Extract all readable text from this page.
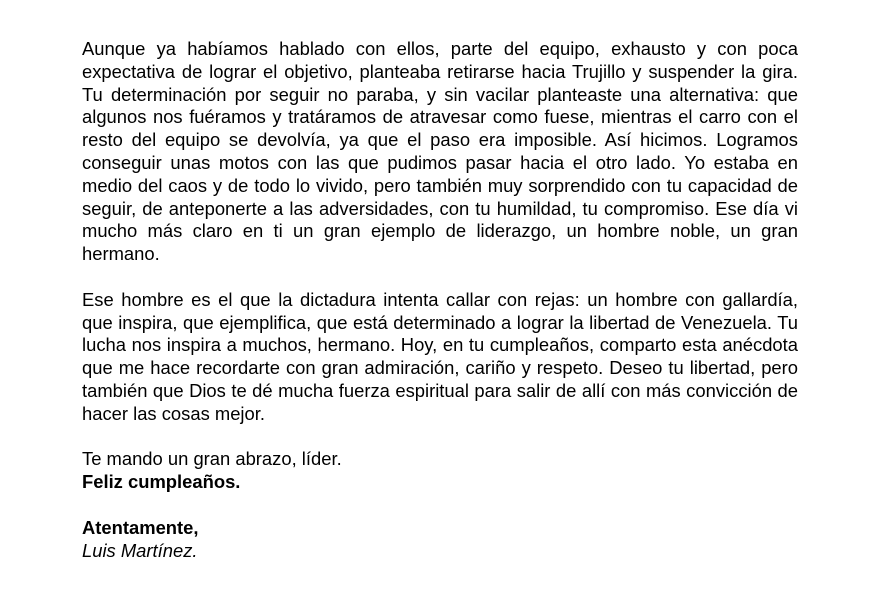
Aunque ya habíamos hablado con ellos, parte del equipo, exhausto y con poca expectativa de lograr el objetivo, planteaba retirarse hacia Trujillo y suspender la gira. Tu determinación por seguir no paraba, y sin vacilar planteaste una alternativa: que algunos nos fuéramos y tratáramos de atravesar como fuese, mientras el carro con el resto del equipo se devolvía, ya que el paso era imposible. Así hicimos. Logramos conseguir unas motos con las que pudimos pasar hacia el otro lado. Yo estaba en medio del caos y de todo lo vivido, pero también muy sorprendido con tu capacidad de seguir, de anteponerte a las adversidades, con tu humildad, tu compromiso. Ese día vi mucho más claro en ti un gran ejemplo de liderazgo, un hombre noble, un gran hermano.

Ese hombre es el que la dictadura intenta callar con rejas: un hombre con gallardía, que inspira, que ejemplifica, que está determinado a lograr la libertad de Venezuela. Tu lucha nos inspira a muchos, hermano. Hoy, en tu cumpleaños, comparto esta anécdota que me hace recordarte con gran admiración, cariño y respeto. Deseo tu libertad, pero también que Dios te dé mucha fuerza espiritual para salir de allí con más convicción de hacer las cosas mejor.

Te mando un gran abrazo, líder.
Feliz cumpleaños.
Atentamente,
Luis Martínez.
